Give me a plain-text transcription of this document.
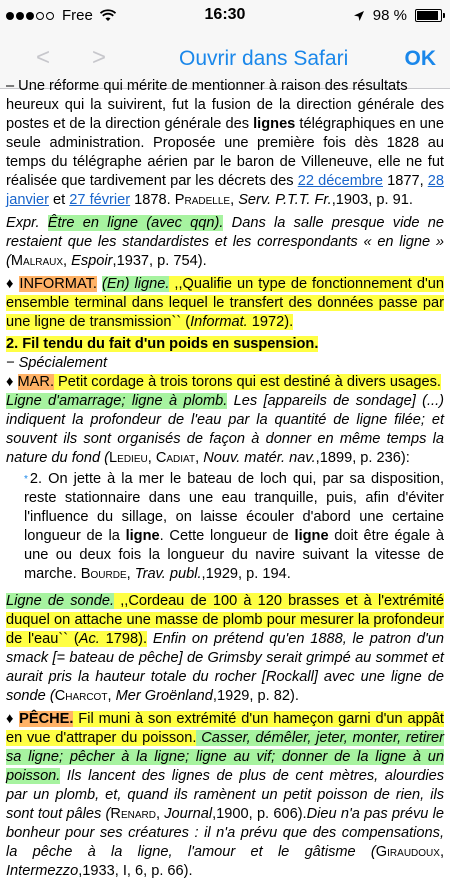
Free	16:30	98 %
< >	Ouvrir dans Safari	OK
– Une réforme qui mérite de mentionner à raison des résultats

heureux qui la suivirent, fut la fusion de la direction générale des postes et de la direction générale des lignes télégraphiques en une seule administration. Proposée une première fois dès 1828 au temps du télégraphe aérien par le baron de Villeneuve, elle ne fut réalisée que tardivement par les décrets des 22 décembre 1877, 28 janvier et 27 février 1878. Pradelle, Serv. P.T.T. Fr.,1903, p. 91.

Expr. Être en ligne (avec qqn). Dans la salle presque vide ne restaient que les standardistes et les correspondants « en ligne » (Malraux, Espoir,1937, p. 754).

♦ INFORMAT. (En) ligne. ,,Qualifie un type de fonctionnement d'un ensemble terminal dans lequel le transfert des données passe par une ligne de transmission`` (Informat. 1972).

2. Fil tendu du fait d'un poids en suspension.

− Spécialement

♦ MAR. Petit cordage à trois torons qui est destiné à divers usages.
Ligne d'amarrage; ligne à plomb. Les [appareils de sondage] (...) indiquent la profondeur de l'eau par la quantité de ligne filée; et souvent ils sont organisés de façon à donner en même temps la nature du fond (Ledieu, Cadiat, Nouv. matér. nav.,1899, p. 236):

* 2. On jette à la mer le bateau de loch qui, par sa disposition, reste stationnaire dans une eau tranquille, puis, afin d'éviter l'influence du sillage, on laisse écouler d'abord une certaine longueur de la ligne. Cette longueur de ligne doit être égale à une ou deux fois la longueur du navire suivant la vitesse de marche. Bourde, Trav. publ.,1929, p. 194.

Ligne de sonde. ,,Cordeau de 100 à 120 brasses et à l'extrémité duquel on attache une masse de plomb pour mesurer la profondeur de l'eau`` (Ac. 1798). Enfin on prétend qu'en 1888, le patron d'un smack [= bateau de pêche] de Grimsby serait grimpé au sommet et aurait pris la hauteur totale du rocher [Rockall] avec une ligne de sonde (Charcot, Mer Groënland,1929, p. 82).

♦ PÊCHE. Fil muni à son extrémité d'un hameçon garni d'un appât en vue d'attraper du poisson. Casser, démêler, jeter, monter, retirer sa ligne; pêcher à la ligne; ligne au vif; donner de la ligne à un poisson. Ils lancent des lignes de plus de cent mètres, alourdies par un plomb, et, quand ils ramènent un petit poisson de rien, ils sont tout pâles (Renard, Journal,1900, p. 606).Dieu n'a pas prévu le bonheur pour ses créatures : il n'a prévu que des compensations, la pêche à la ligne, l'amour et le gâtisme (Giraudoux, Intermezzo,1933, I, 6, p. 66).
